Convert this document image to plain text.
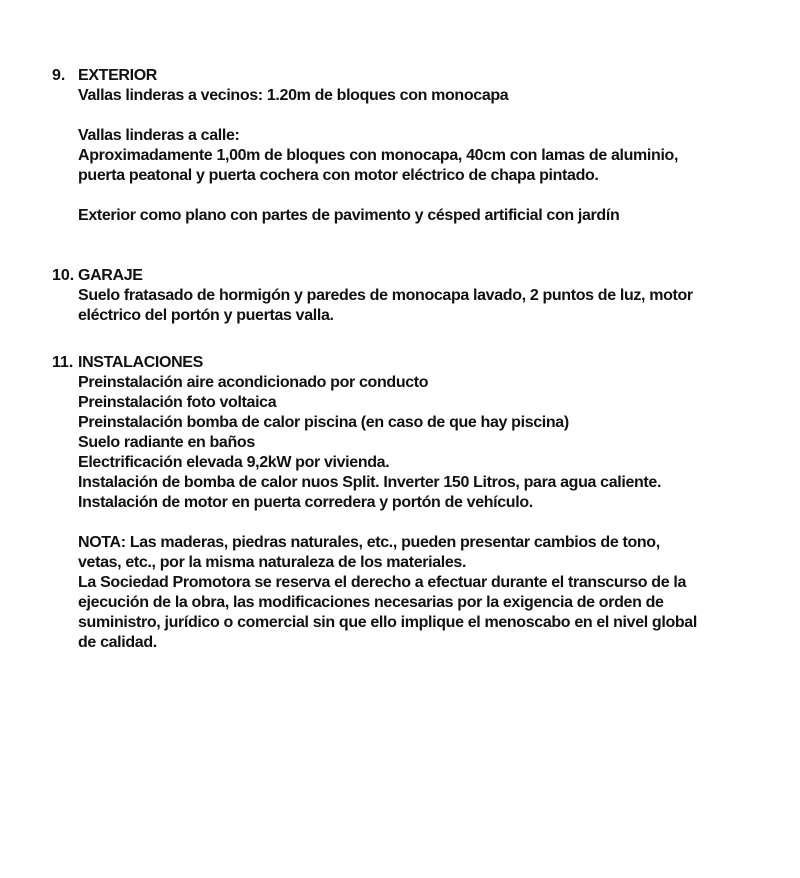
9. EXTERIOR
Vallas linderas a vecinos: 1.20m de bloques con monocapa
Vallas linderas a calle:
Aproximadamente 1,00m de bloques con monocapa, 40cm con lamas de aluminio,
puerta peatonal y puerta cochera con motor eléctrico de chapa pintado.
Exterior como plano con partes de pavimento y césped artificial con jardín
10. GARAJE
Suelo fratasado de hormigón y paredes de monocapa lavado, 2 puntos de luz, motor
eléctrico del portón y puertas valla.
11. INSTALACIONES
Preinstalación aire acondicionado por conducto
Preinstalación foto voltaica
Preinstalación bomba de calor piscina (en caso de que hay piscina)
Suelo radiante en baños
Electrificación elevada 9,2kW por vivienda.
Instalación de bomba de calor nuos Split. Inverter 150 Litros, para agua caliente.
Instalación de motor en puerta corredera y portón de vehículo.
NOTA: Las maderas, piedras naturales, etc., pueden presentar cambios de tono,
vetas, etc., por la misma naturaleza de los materiales.
La Sociedad Promotora se reserva el derecho a efectuar durante el transcurso de la
ejecución de la obra, las modificaciones necesarias por la exigencia de orden de
suministro, jurídico o comercial sin que ello implique el menoscabo en el nivel global
de calidad.
